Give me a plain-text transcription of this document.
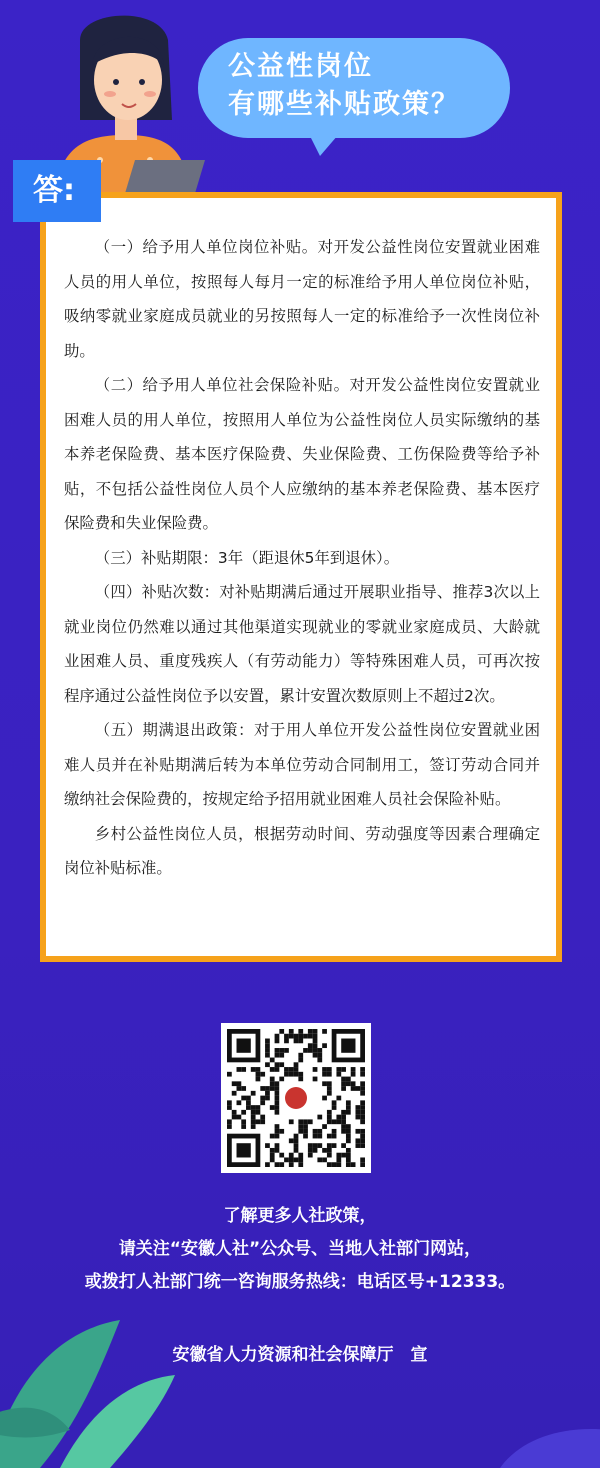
公益性岗位
有哪些补贴政策？
答:

（一）给予用人单位岗位补贴。对开发公益性岗位安置就业困难人员的用人单位，按照每人每月一定的标准给予用人单位岗位补贴，吸纳零就业家庭成员就业的另按照每人一定的标准给予一次性岗位补助。

（二）给予用人单位社会保险补贴。对开发公益性岗位安置就业困难人员的用人单位，按照用人单位为公益性岗位人员实际缴纳的基本养老保险费、基本医疗保险费、失业保险费、工伤保险费等给予补贴，不包括公益性岗位人员个人应缴纳的基本养老保险费、基本医疗保险费和失业保险费。

（三）补贴期限：3年（距退休5年到退休）。

（四）补贴次数：对补贴期满后通过开展职业指导、推荐3次以上就业岗位仍然难以通过其他渠道实现就业的零就业家庭成员、大龄就业困难人员、重度残疾人（有劳动能力）等特殊困难人员，可再次按程序通过公益性岗位予以安置，累计安置次数原则上不超过2次。

（五）期满退出政策：对于用人单位开发公益性岗位安置就业困难人员并在补贴期满后转为本单位劳动合同制用工，签订劳动合同并缴纳社会保险费的，按规定给予招用就业困难人员社会保险补贴。

乡村公益性岗位人员，根据劳动时间、劳动强度等因素合理确定岗位补贴标准。

了解更多人社政策，
请关注“安徽人社”公众号、当地人社部门网站，
或拨打人社部门统一咨询服务热线：电话区号+12333。
安徽省人力资源和社会保障厅　宣
